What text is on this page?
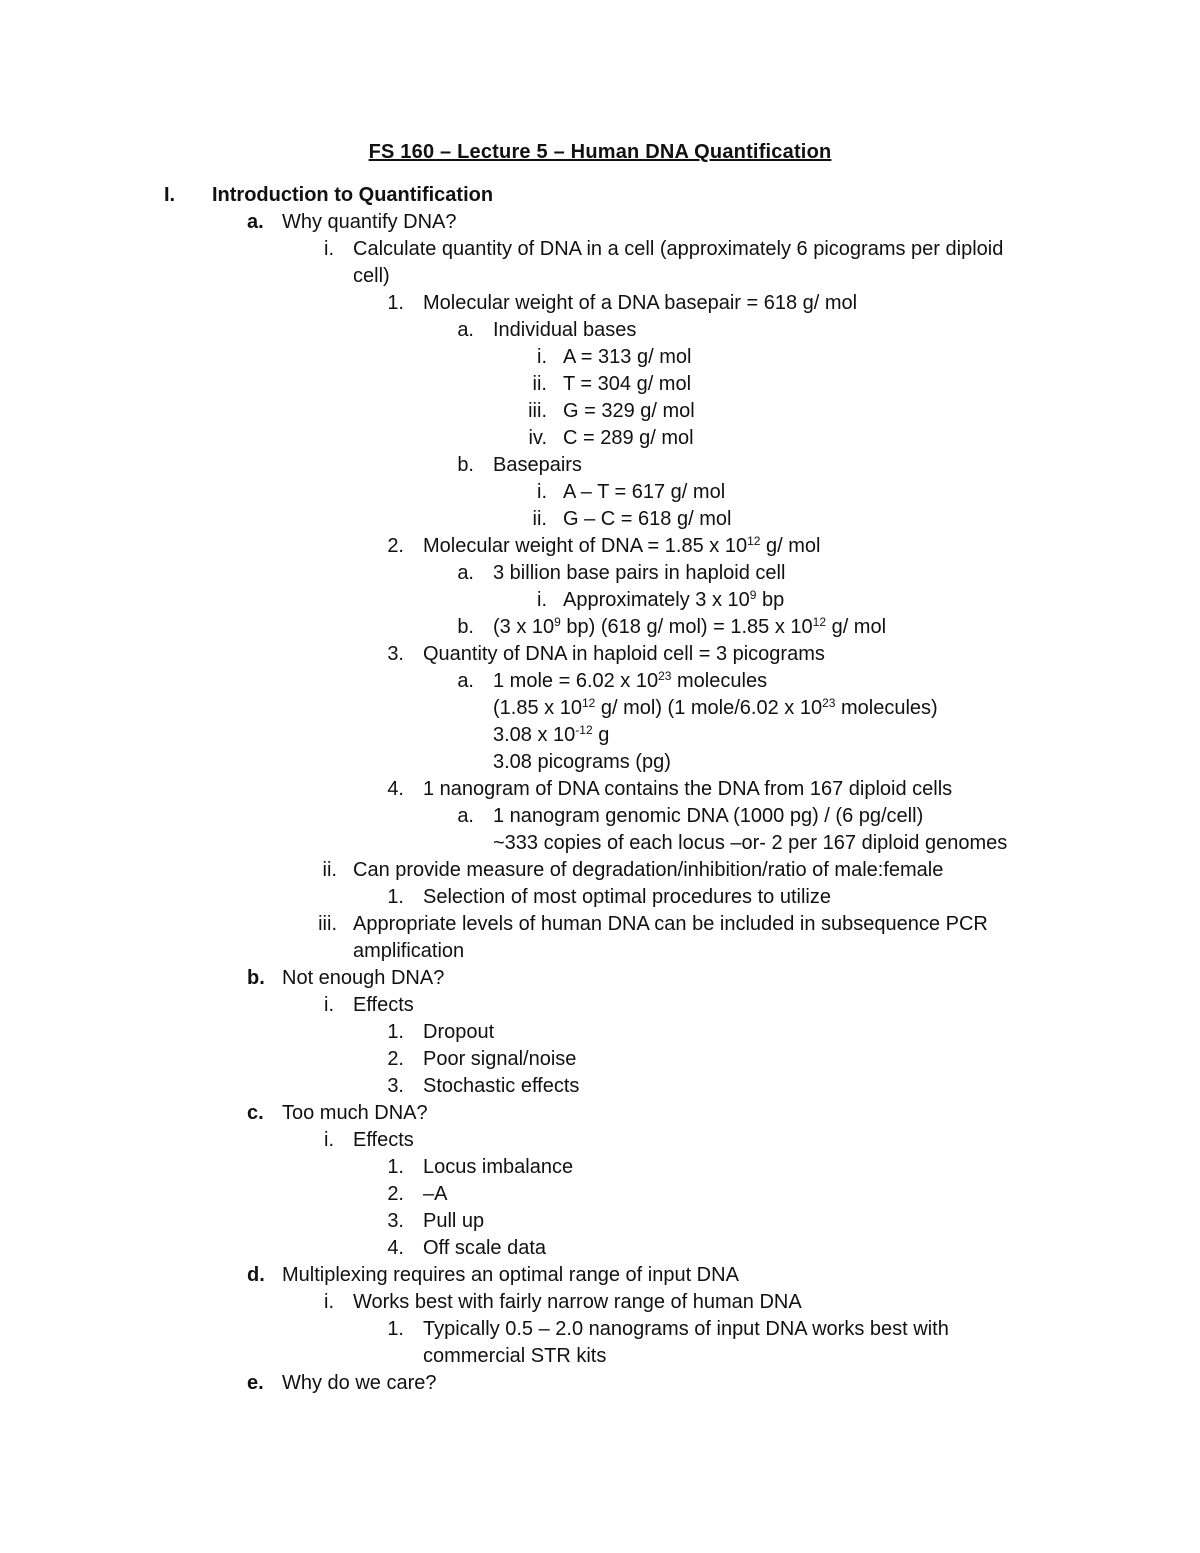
FS 160 – Lecture 5 – Human DNA Quantification
I. Introduction to Quantification
a. Why quantify DNA?
i. Calculate quantity of DNA in a cell (approximately 6 picograms per diploid
cell)
1. Molecular weight of a DNA basepair = 618 g/ mol
a. Individual bases
i. A = 313 g/ mol
ii. T = 304 g/ mol
iii. G = 329 g/ mol
iv. C = 289 g/ mol
b. Basepairs
i. A – T = 617 g/ mol
ii. G – C = 618 g/ mol
2. Molecular weight of DNA = 1.85 x $10^{12}$ g/ mol
a. 3 billion base pairs in haploid cell
i. Approximately 3 x $10^9$ bp
b. (3 x $10^9$ bp) (618 g/ mol) = 1.85 x $10^{12}$ g/ mol
3. Quantity of DNA in haploid cell = 3 picograms
a. 1 mole = 6.02 x $10^{23}$ molecules
(1.85 x $10^{12}$ g/ mol) (1 mole/6.02 x $10^{23}$ molecules)
3.08 x $10^{-12}$ g
3.08 picograms (pg)
4. 1 nanogram of DNA contains the DNA from 167 diploid cells
a. 1 nanogram genomic DNA (1000 pg) / (6 pg/cell)
~333 copies of each locus –or- 2 per 167 diploid genomes
ii. Can provide measure of degradation/inhibition/ratio of male:female
1. Selection of most optimal procedures to utilize
iii. Appropriate levels of human DNA can be included in subsequence PCR
amplification
b. Not enough DNA?
i. Effects
1. Dropout
2. Poor signal/noise
3. Stochastic effects
c. Too much DNA?
i. Effects
1. Locus imbalance
2. –A
3. Pull up
4. Off scale data
d. Multiplexing requires an optimal range of input DNA
i. Works best with fairly narrow range of human DNA
1. Typically 0.5 – 2.0 nanograms of input DNA works best with
commercial STR kits
e. Why do we care?
